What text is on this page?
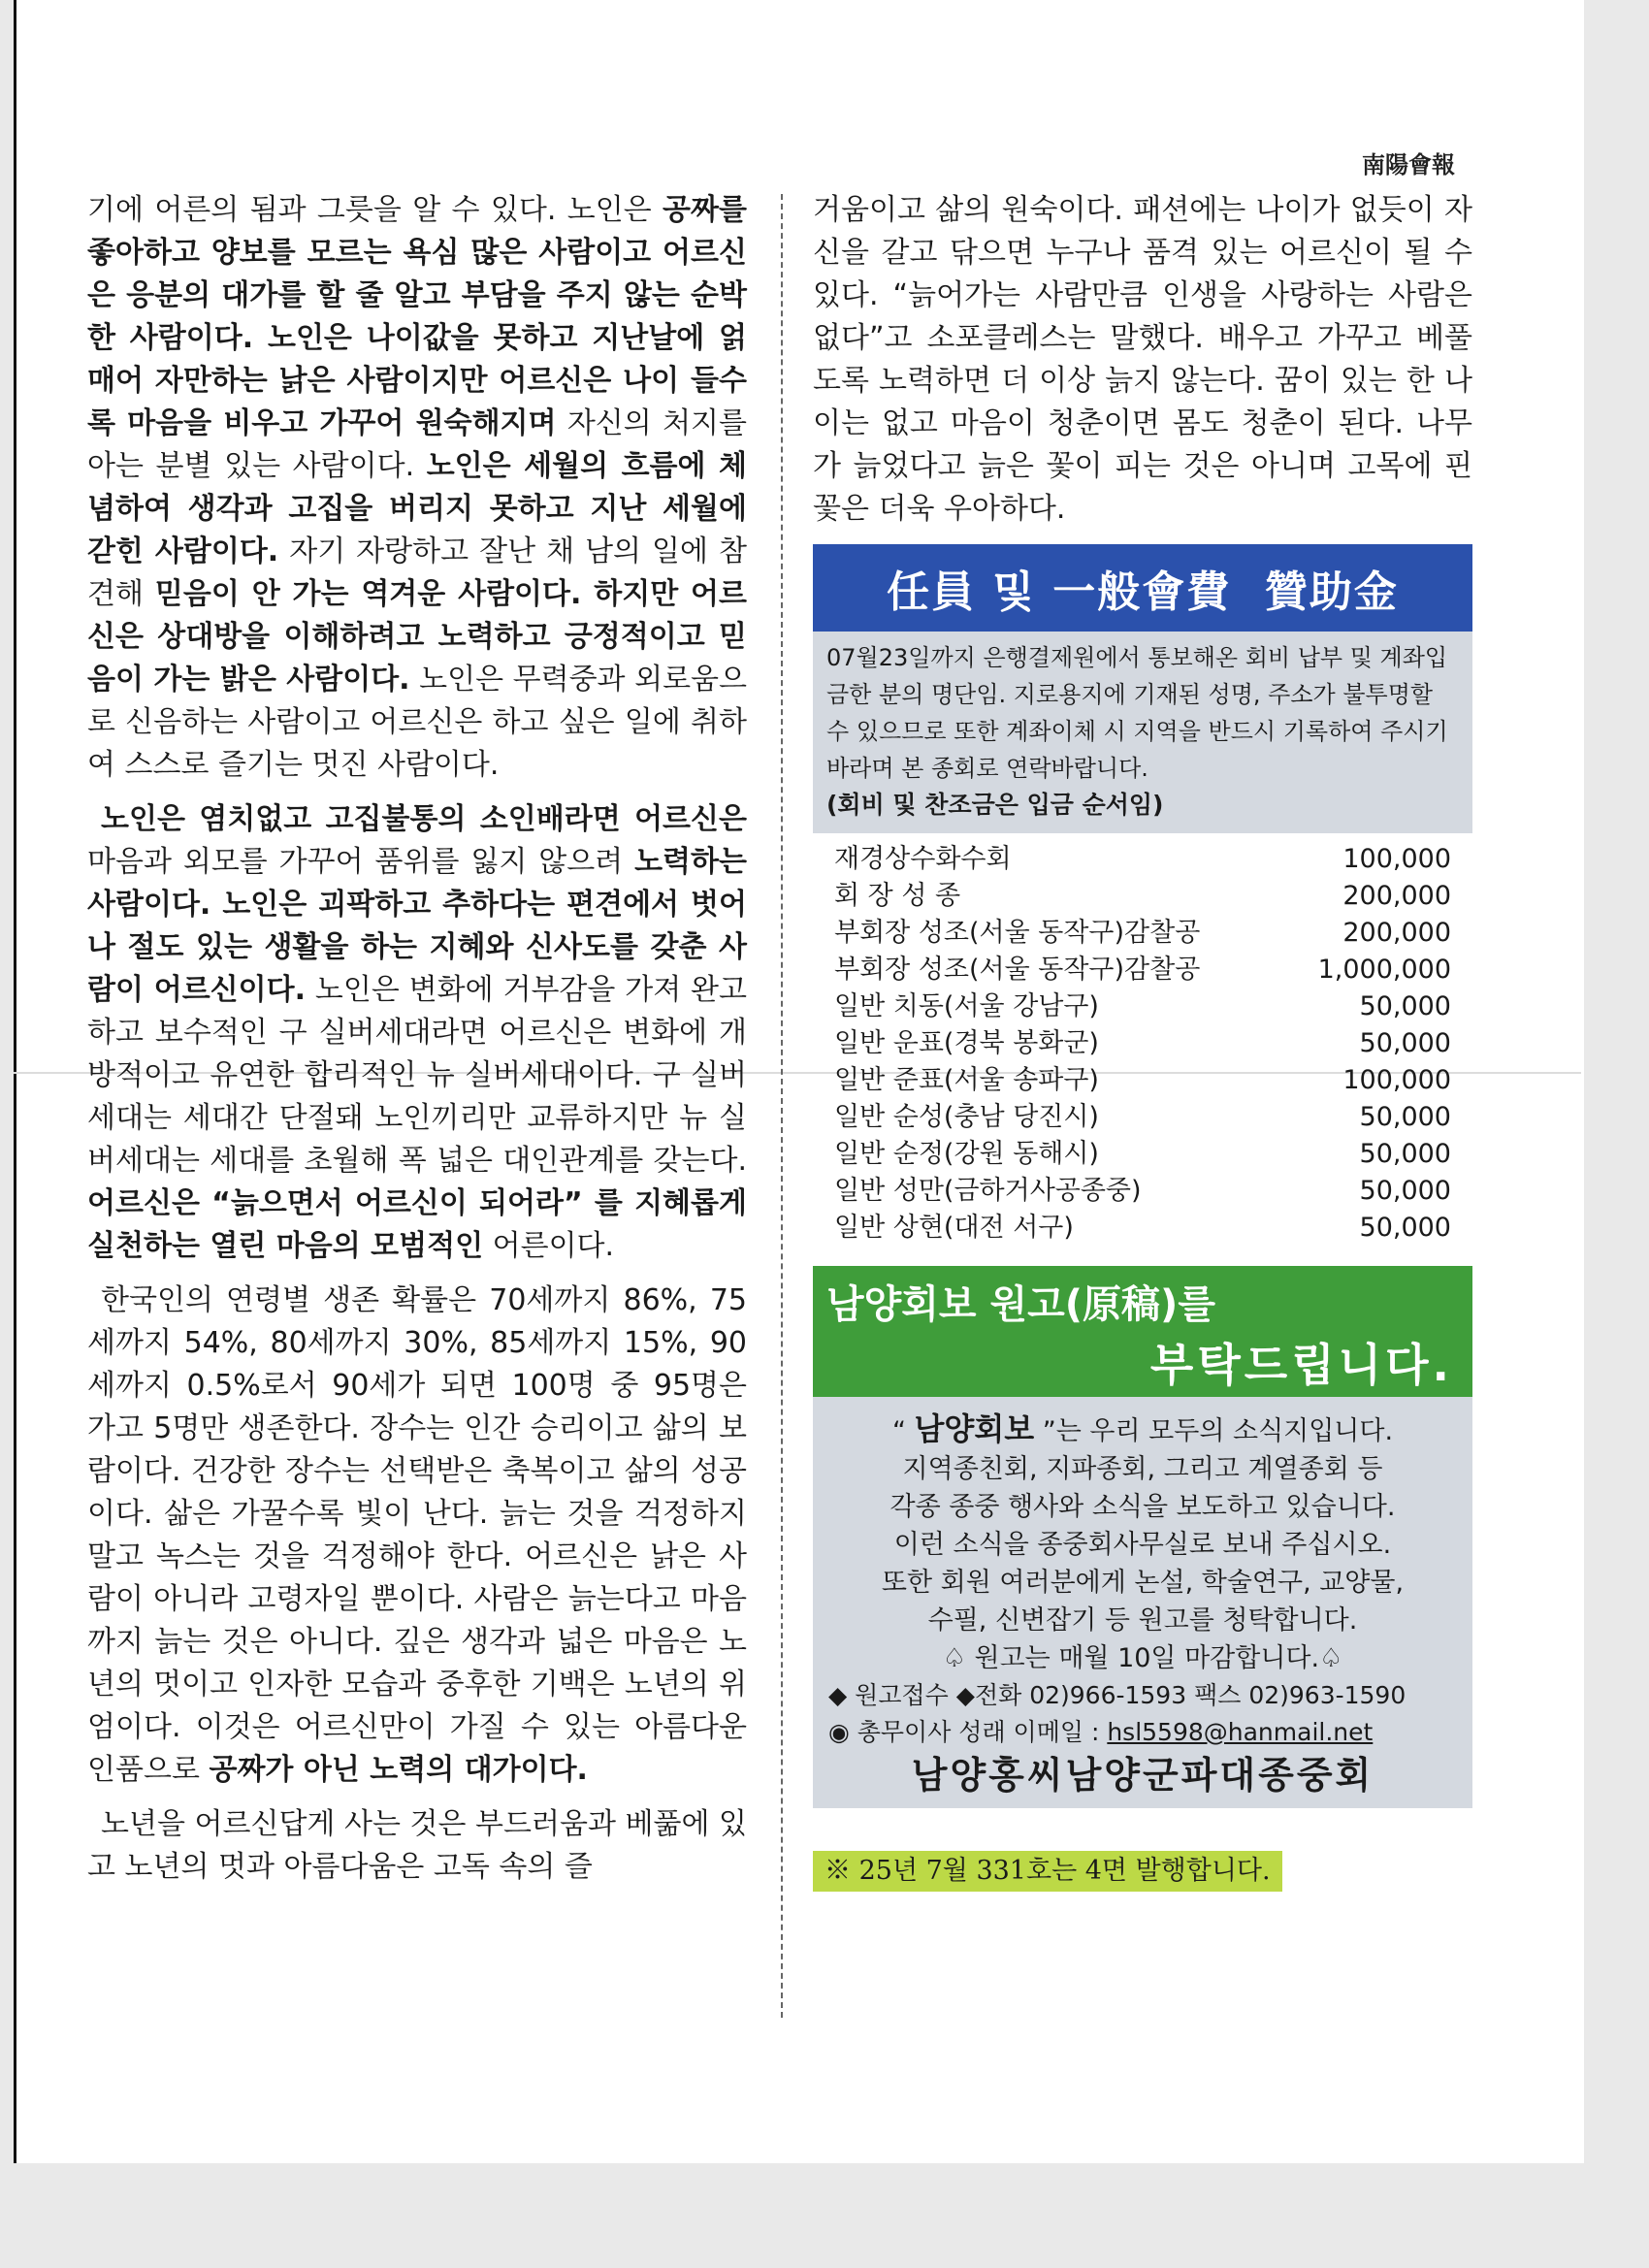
南陽會報

기에 어른의 됨과 그릇을 알 수 있다. 노인은 공짜를 좋아하고 양보를 모르는 욕심 많은 사람이고 어르신은 응분의 대가를 할 줄 알고 부담을 주지 않는 순박한 사람이다. 노인은 나이값을 못하고 지난날에 얽매어 자만하는 낡은 사람이지만 어르신은 나이 들수록 마음을 비우고 가꾸어 원숙해지며 자신의 처지를 아는 분별 있는 사람이다. 노인은 세월의 흐름에 체념하여 생각과 고집을 버리지 못하고 지난 세월에 갇힌 사람이다. 자기 자랑하고 잘난 채 남의 일에 참견해 믿음이 안 가는 역겨운 사람이다. 하지만 어르신은 상대방을 이해하려고 노력하고 긍정적이고 믿음이 가는 밝은 사람이다. 노인은 무력중과 외로움으로 신음하는 사람이고 어르신은 하고 싶은 일에 취하여 스스로 즐기는 멋진 사람이다.

노인은 염치없고 고집불통의 소인배라면 어르신은 마음과 외모를 가꾸어 품위를 잃지 않으려 노력하는 사람이다. 노인은 괴팍하고 추하다는 편견에서 벗어나 절도 있는 생활을 하는 지혜와 신사도를 갖춘 사람이 어르신이다. 노인은 변화에 거부감을 가져 완고하고 보수적인 구 실버세대라면 어르신은 변화에 개방적이고 유연한 합리적인 뉴 실버세대이다. 구 실버세대는 세대간 단절돼 노인끼리만 교류하지만 뉴 실버세대는 세대를 초월해 폭 넓은 대인관계를 갖는다. 어르신은 “늙으면서 어르신이 되어라” 를 지혜롭게 실천하는 열린 마음의 모범적인 어른이다.

한국인의 연령별 생존 확률은 70세까지 86%, 75세까지 54%, 80세까지 30%, 85세까지 15%, 90세까지 0.5%로서 90세가 되면 100명 중 95명은 가고 5명만 생존한다. 장수는 인간 승리이고 삶의 보람이다. 건강한 장수는 선택받은 축복이고 삶의 성공이다. 삶은 가꿀수록 빛이 난다. 늙는 것을 걱정하지 말고 녹스는 것을 걱정해야 한다. 어르신은 낡은 사람이 아니라 고령자일 뿐이다. 사람은 늙는다고 마음까지 늙는 것은 아니다. 깊은 생각과 넓은 마음은 노년의 멋이고 인자한 모습과 중후한 기백은 노년의 위엄이다. 이것은 어르신만이 가질 수 있는 아름다운 인품으로 공짜가 아닌 노력의 대가이다.

노년을 어르신답게 사는 것은 부드러움과 베풂에 있고 노년의 멋과 아름다움은 고독 속의 즐

거움이고 삶의 원숙이다. 패션에는 나이가 없듯이 자신을 갈고 닦으면 누구나 품격 있는 어르신이 될 수 있다. “늙어가는 사람만큼 인생을 사랑하는 사람은 없다”고 소포클레스는 말했다. 배우고 가꾸고 베풀도록 노력하면 더 이상 늙지 않는다. 꿈이 있는 한 나이는 없고 마음이 청춘이면 몸도 청춘이 된다. 나무가 늙었다고 늙은 꽃이 피는 것은 아니며 고목에 핀 꽃은 더욱 우아하다.

任員 및 一般會費  贊助金
07월23일까지 은행결제원에서 통보해온 회비 납부 및 계좌입금한 분의 명단임. 지로용지에 기재된 성명, 주소가 불투명할 수 있으므로 또한 계좌이체 시 지역을 반드시 기록하여 주시기 바라며 본 종회로 연락바랍니다.
(회비 및 찬조금은 입금 순서임)
재경상수화수회	100,000
회 장 성 종	200,000
부회장 성조(서울 동작구)감찰공	200,000
부회장 성조(서울 동작구)감찰공	1,000,000
일반 치동(서울 강남구)	50,000
일반 운표(경북 봉화군)	50,000
일반 준표(서울 송파구)	100,000
일반 순성(충남 당진시)	50,000
일반 순정(강원 동해시)	50,000
일반 성만(금하거사공종중)	50,000
일반 상현(대전 서구)	50,000
남양회보 원고(原稿)를
부탁드립니다.
“ 남양회보 ”는 우리 모두의 소식지입니다.
지역종친회, 지파종회, 그리고 계열종회 등
각종 종중 행사와 소식을 보도하고 있습니다.
이런 소식을 종중회사무실로 보내 주십시오.
또한 회원 여러분에게 논설, 학술연구, 교양물,
수필, 신변잡기 등 원고를 청탁합니다.
♤ 원고는 매월 10일 마감합니다.♤
◆ 원고접수 ◆전화 02)966-1593 팩스 02)963-1590
◉ 총무이사 성래 이메일 : hsl5598@hanmail.net
남양홍씨남양군파대종중회
※ 25년 7월 331호는 4면 발행합니다.
